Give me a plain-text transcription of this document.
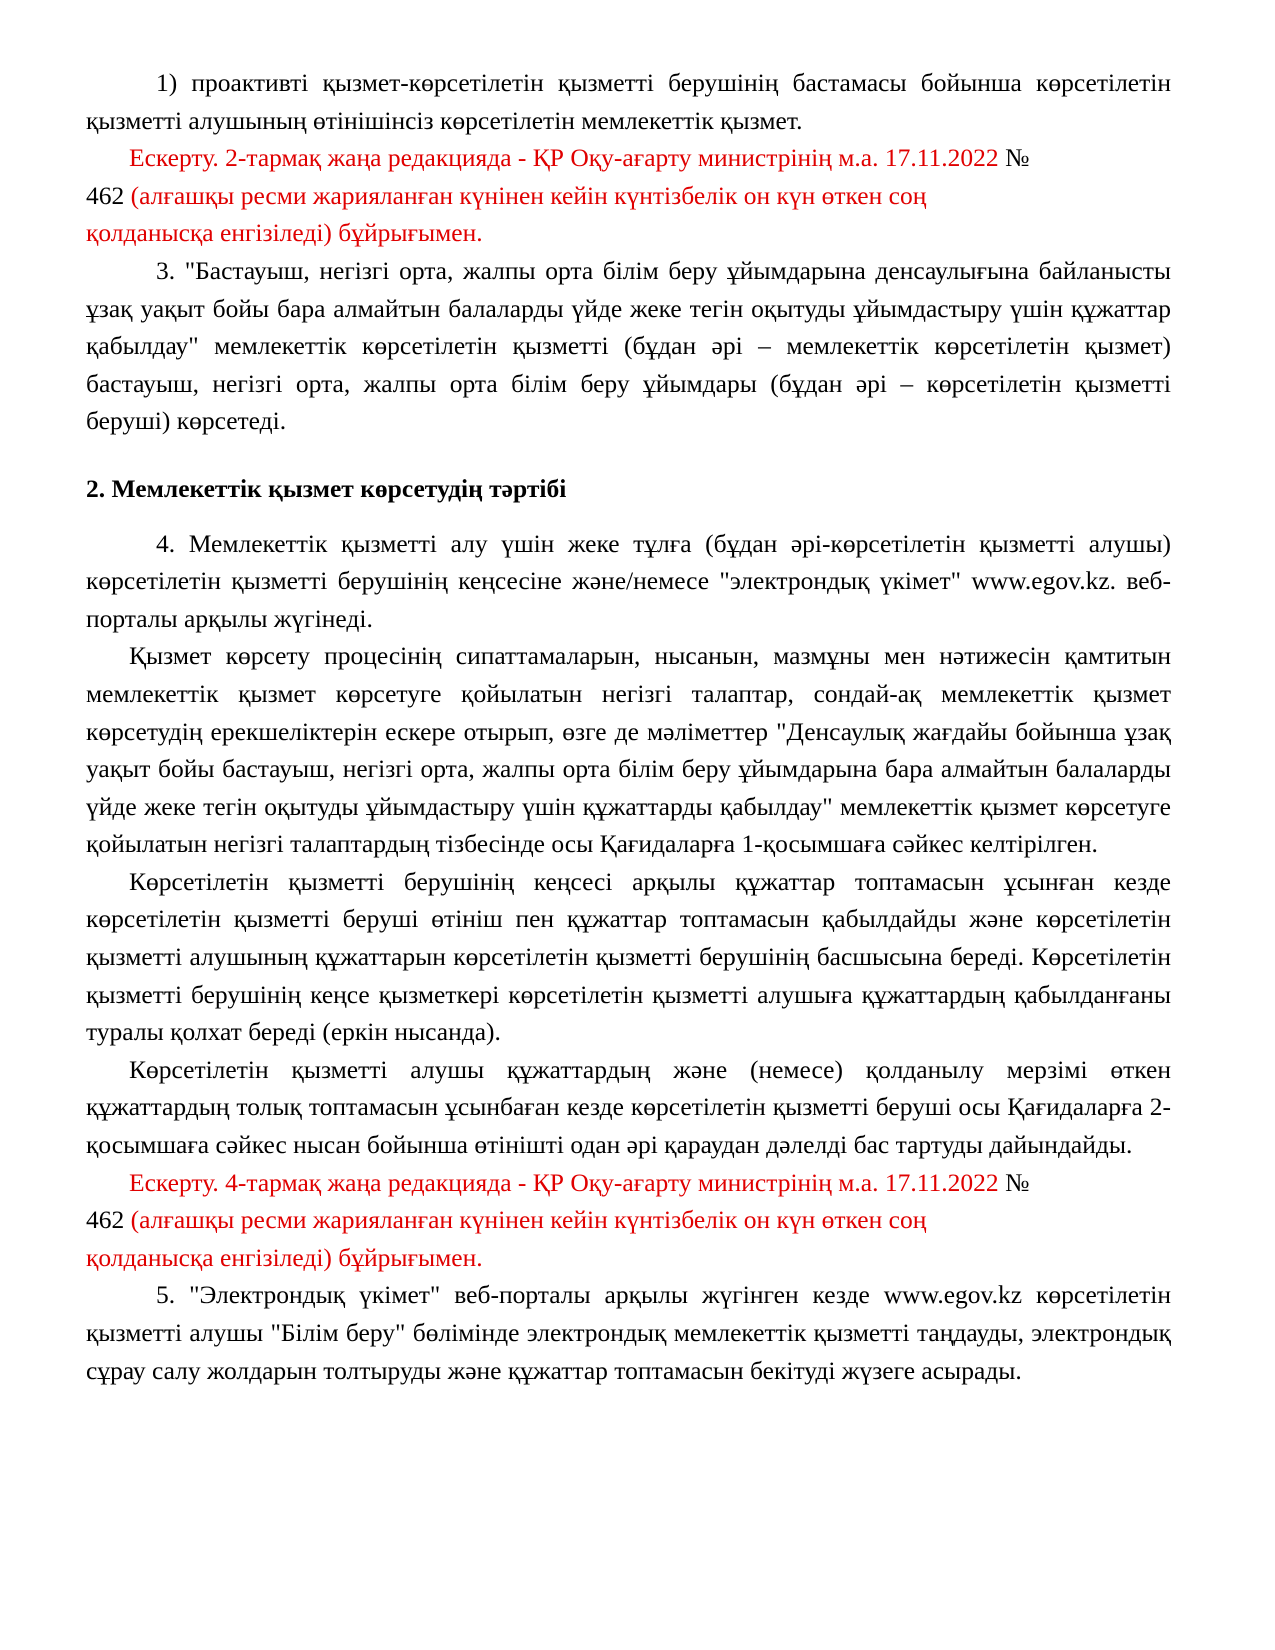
1) проактивті қызмет-көрсетілетін қызметті берушінің бастамасы бойынша көрсетілетін қызметті алушының өтінішінсіз көрсетілетін мемлекеттік қызмет.

Ескерту. 2-тармақ жаңа редакцияда - ҚР Оқу-ағарту министрінің м.а. 17.11.2022 №
462 (алғашқы ресми жарияланған күнінен кейін күнтізбелік он күн өткен соң
қолданысқа енгізіледі) бұйрығымен.

3. "Бастауыш, негізгі орта, жалпы орта білім беру ұйымдарына денсаулығына байланысты ұзақ уақыт бойы бара алмайтын балаларды үйде жеке тегін оқытуды ұйымдастыру үшін құжаттар қабылдау" мемлекеттік көрсетілетін қызметті (бұдан әрі – мемлекеттік көрсетілетін қызмет) бастауыш, негізгі орта, жалпы орта білім беру ұйымдары (бұдан әрі – көрсетілетін қызметті беруші) көрсетеді.

2. Мемлекеттік қызмет көрсетудің тәртібі

4. Мемлекеттік қызметті алу үшін жеке тұлға (бұдан әрі-көрсетілетін қызметті алушы) көрсетілетін қызметті берушінің кеңсесіне және/немесе "электрондық үкімет" www.egov.kz. веб-порталы арқылы жүгінеді.

Қызмет көрсету процесінің сипаттамаларын, нысанын, мазмұны мен нәтижесін қамтитын мемлекеттік қызмет көрсетуге қойылатын негізгі талаптар, сондай-ақ мемлекеттік қызмет көрсетудің ерекшеліктерін ескере отырып, өзге де мәліметтер "Денсаулық жағдайы бойынша ұзақ уақыт бойы бастауыш, негізгі орта, жалпы орта білім беру ұйымдарына бара алмайтын балаларды үйде жеке тегін оқытуды ұйымдастыру үшін құжаттарды қабылдау" мемлекеттік қызмет көрсетуге қойылатын негізгі талаптардың тізбесінде осы Қағидаларға 1-қосымшаға сәйкес келтірілген.

Көрсетілетін қызметті берушінің кеңсесі арқылы құжаттар топтамасын ұсынған кезде көрсетілетін қызметті беруші өтініш пен құжаттар топтамасын қабылдайды және көрсетілетін қызметті алушының құжаттарын көрсетілетін қызметті берушінің басшысына береді. Көрсетілетін қызметті берушінің кеңсе қызметкері көрсетілетін қызметті алушыға құжаттардың қабылданғаны туралы қолхат береді (еркін нысанда).

Көрсетілетін қызметті алушы құжаттардың және (немесе) қолданылу мерзімі өткен құжаттардың толық топтамасын ұсынбаған кезде көрсетілетін қызметті беруші осы Қағидаларға 2-қосымшаға сәйкес нысан бойынша өтінішті одан әрі қараудан дәлелді бас тартуды дайындайды.

Ескерту. 4-тармақ жаңа редакцияда - ҚР Оқу-ағарту министрінің м.а. 17.11.2022 №
462 (алғашқы ресми жарияланған күнінен кейін күнтізбелік он күн өткен соң
қолданысқа енгізіледі) бұйрығымен.

5. "Электрондық үкімет" веб-порталы арқылы жүгінген кезде www.egov.kz көрсетілетін қызметті алушы "Білім беру" бөлімінде электрондық мемлекеттік қызметті таңдауды, электрондық сұрау салу жолдарын толтыруды және құжаттар топтамасын бекітуді жүзеге асырады.
